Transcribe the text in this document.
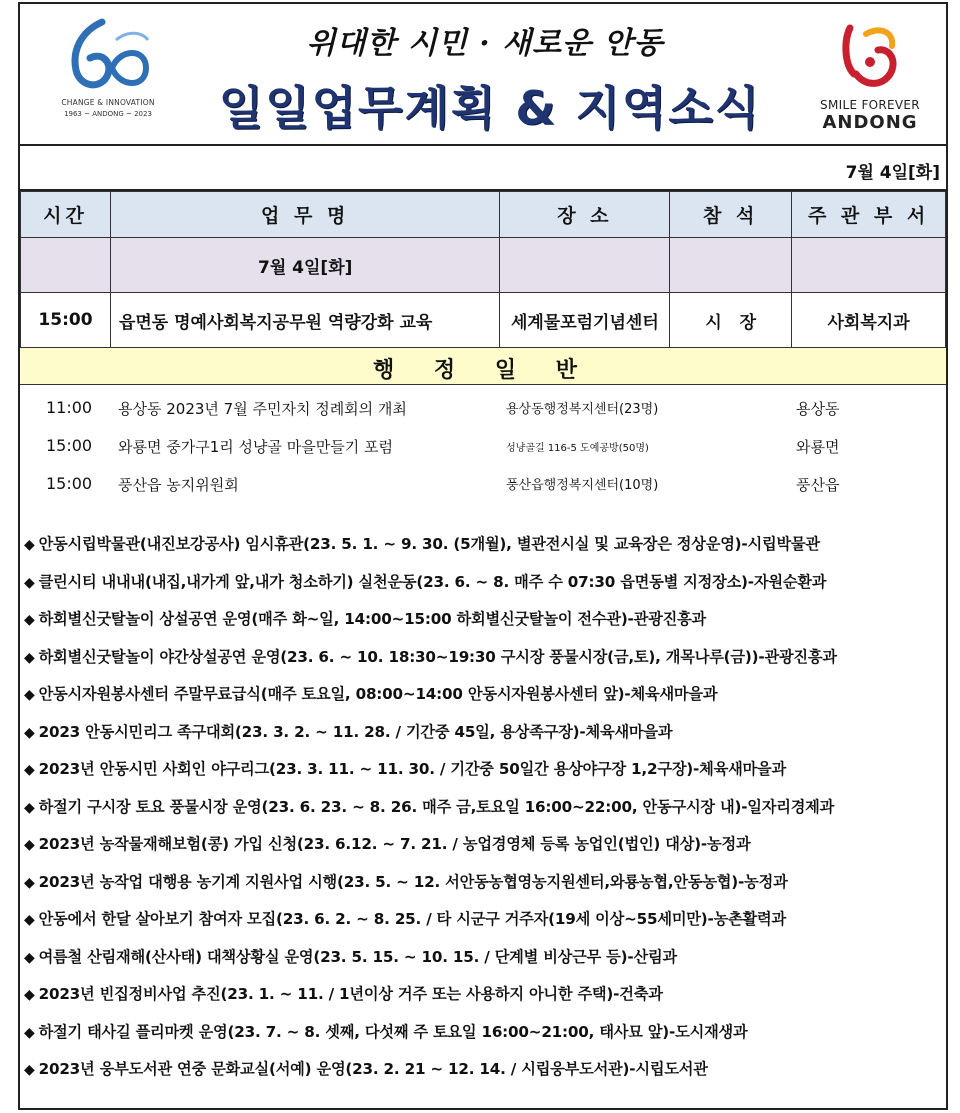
CHANGE & INNOVATION
1963 ~ ANDONG ~ 2023
위대한 시민 · 새로운 안동
일일업무계획 & 지역소식	SMILE FOREVER
ANDONG
7월 4일[화]
시간	업 무 명	장 소	참 석	주 관 부 서
	7월 4일[화]			
15:00	읍면동 명예사회복지공무원 역량강화 교육	세계물포럼기념센터	시   장	사회복지과
행 정 일 반
11:00 용상동 2023년 7월 주민자치 정례회의 개최	용상동행정복지센터(23명)	용상동
15:00 와룡면 중가구1리 성냥골 마을만들기 포럼	성냥골길 116-5 도예공방(50명)	와룡면
15:00 풍산읍 농지위원회	풍산읍행정복지센터(10명)	풍산읍
◆ 안동시립박물관(내진보강공사) 임시휴관(23. 5. 1. ~ 9. 30. (5개월), 별관전시실 및 교육장은 정상운영)-시립박물관
◆ 클린시티 내내내(내집,내가게 앞,내가 청소하기) 실천운동(23. 6. ~ 8. 매주 수 07:30 읍면동별 지정장소)-자원순환과
◆ 하회별신굿탈놀이 상설공연 운영(매주 화~일, 14:00~15:00 하회별신굿탈놀이 전수관)-관광진흥과
◆ 하회별신굿탈놀이 야간상설공연 운영(23. 6. ~ 10. 18:30~19:30 구시장 풍물시장(금,토), 개목나루(금))-관광진흥과
◆ 안동시자원봉사센터 주말무료급식(매주 토요일, 08:00~14:00 안동시자원봉사센터 앞)-체육새마을과
◆ 2023 안동시민리그 족구대회(23. 3. 2. ~ 11. 28. / 기간중 45일, 용상족구장)-체육새마을과
◆ 2023년 안동시민 사회인 야구리그(23. 3. 11. ~ 11. 30. / 기간중 50일간 용상야구장 1,2구장)-체육새마을과
◆ 하절기 구시장 토요 풍물시장 운영(23. 6. 23. ~ 8. 26. 매주 금,토요일 16:00~22:00, 안동구시장 내)-일자리경제과
◆ 2023년 농작물재해보험(콩) 가입 신청(23. 6.12. ~ 7. 21. / 농업경영체 등록 농업인(법인) 대상)-농정과
◆ 2023년 농작업 대행용 농기계 지원사업 시행(23. 5. ~ 12. 서안동농협영농지원센터,와룡농협,안동농협)-농정과
◆ 안동에서 한달 살아보기 참여자 모집(23. 6. 2. ~ 8. 25. / 타 시군구 거주자(19세 이상~55세미만)-농촌활력과
◆ 여름철 산림재해(산사태) 대책상황실 운영(23. 5. 15. ~ 10. 15. / 단계별 비상근무 등)-산림과
◆ 2023년 빈집정비사업 추진(23. 1. ~ 11. / 1년이상 거주 또는 사용하지 아니한 주택)-건축과
◆ 하절기 태사길 플리마켓 운영(23. 7. ~ 8. 셋째, 다섯째 주 토요일 16:00~21:00, 태사묘 앞)-도시재생과
◆ 2023년 웅부도서관 연중 문화교실(서예) 운영(23. 2. 21 ~ 12. 14. / 시립웅부도서관)-시립도서관
